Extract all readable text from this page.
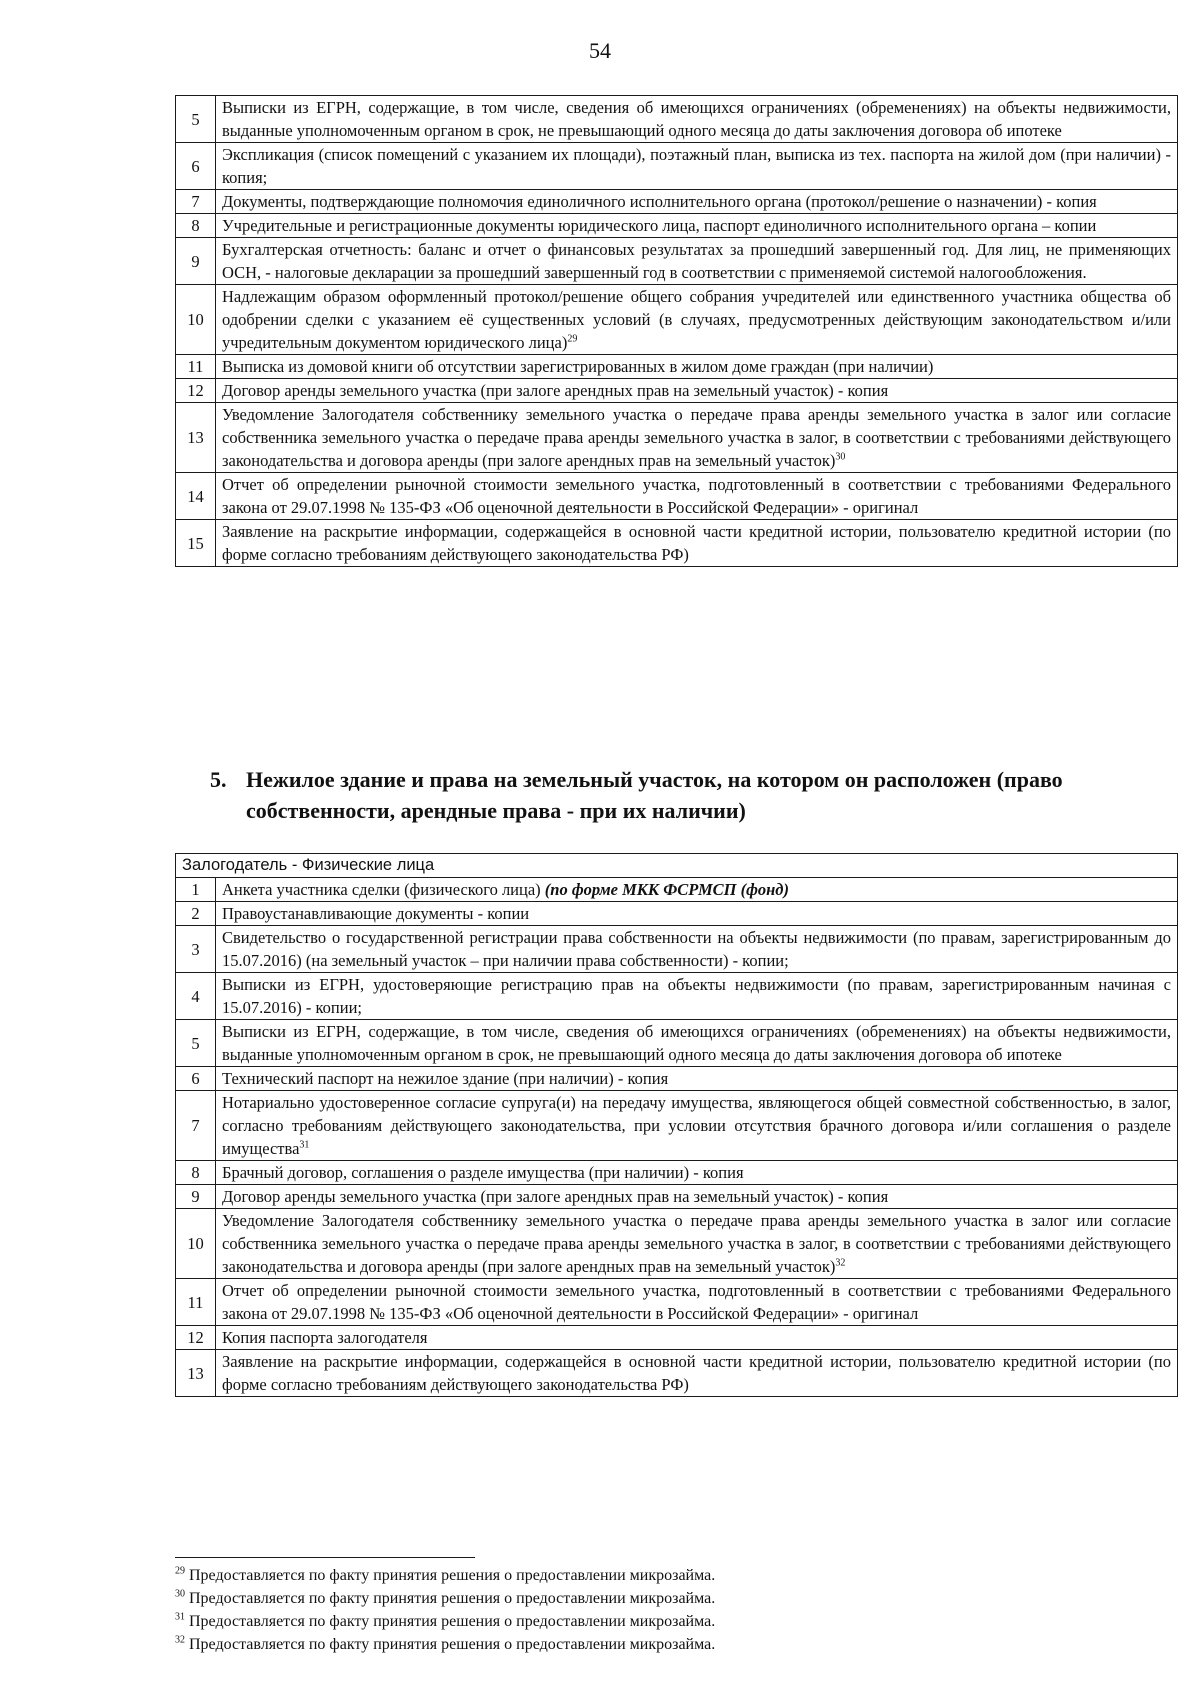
54
5	Выписки из ЕГРН, содержащие, в том числе, сведения об имеющихся ограничениях (обременениях) на объекты недвижимости, выданные уполномоченным органом в срок, не превышающий одного месяца до даты заключения договора об ипотеке
6	Экспликация (список помещений с указанием их площади), поэтажный план, выписка из тех. паспорта на жилой дом (при наличии) - копия;
7	Документы, подтверждающие полномочия единоличного исполнительного органа (протокол/решение о назначении) - копия
8	Учредительные и регистрационные документы юридического лица, паспорт единоличного исполнительного органа – копии
9	Бухгалтерская отчетность: баланс и отчет о финансовых результатах за прошедший завершенный год. Для лиц, не применяющих ОСН, - налоговые декларации за прошедший завершенный год в соответствии с применяемой системой налогообложения.
10	Надлежащим образом оформленный протокол/решение общего собрания учредителей или единственного участника общества об одобрении сделки с указанием её существенных условий (в случаях, предусмотренных действующим законодательством и/или учредительным документом юридического лица)$^{29}$
11	Выписка из домовой книги об отсутствии зарегистрированных в жилом доме граждан (при наличии)
12	Договор аренды земельного участка (при залоге арендных прав на земельный участок) - копия
13	Уведомление Залогодателя собственнику земельного участка о передаче права аренды земельного участка в залог или согласие собственника земельного участка о передаче права аренды земельного участка в залог, в соответствии с требованиями действующего законодательства и договора аренды (при залоге арендных прав на земельный участок)$^{30}$
14	Отчет об определении рыночной стоимости земельного участка, подготовленный в соответствии с требованиями Федерального закона от 29.07.1998 № 135-ФЗ «Об оценочной деятельности в Российской Федерации» - оригинал
15	Заявление на раскрытие информации, содержащейся в основной части кредитной истории, пользователю кредитной истории (по форме согласно требованиям действующего законодательства РФ)
5. Нежилое здание и права на земельный участок, на котором он расположен (право
собственности, арендные права - при их наличии)
Залогодатель - Физические лица	
1	Анкета участника сделки (физического лица) (по форме МКК ФСРМСП (фонд)
2	Правоустанавливающие документы - копии
3	Свидетельство о государственной регистрации права собственности на объекты недвижимости (по правам, зарегистрированным до 15.07.2016) (на земельный участок – при наличии права собственности) - копии;
4	Выписки из ЕГРН, удостоверяющие регистрацию прав на объекты недвижимости (по правам, зарегистрированным начиная с 15.07.2016) - копии;
5	Выписки из ЕГРН, содержащие, в том числе, сведения об имеющихся ограничениях (обременениях) на объекты недвижимости, выданные уполномоченным органом в срок, не превышающий одного месяца до даты заключения договора об ипотеке
6	Технический паспорт на нежилое здание (при наличии) - копия
7	Нотариально удостоверенное согласие супруга(и) на передачу имущества, являющегося общей совместной собственностью, в залог, согласно требованиям действующего законодательства, при условии отсутствия брачного договора и/или соглашения о разделе имущества$^{31}$
8	Брачный договор, соглашения о разделе имущества (при наличии) - копия
9	Договор аренды земельного участка (при залоге арендных прав на земельный участок) - копия
10	Уведомление Залогодателя собственнику земельного участка о передаче права аренды земельного участка в залог или согласие собственника земельного участка о передаче права аренды земельного участка в залог, в соответствии с требованиями действующего законодательства и договора аренды (при залоге арендных прав на земельный участок)$^{32}$
11	Отчет об определении рыночной стоимости земельного участка, подготовленный в соответствии с требованиями Федерального закона от 29.07.1998 № 135-ФЗ «Об оценочной деятельности в Российской Федерации» - оригинал
12	Копия паспорта залогодателя
13	Заявление на раскрытие информации, содержащейся в основной части кредитной истории, пользователю кредитной истории (по форме согласно требованиям действующего законодательства РФ)
$^{29}$ Предоставляется по факту принятия решения о предоставлении микрозайма.
$^{30}$ Предоставляется по факту принятия решения о предоставлении микрозайма.
$^{31}$ Предоставляется по факту принятия решения о предоставлении микрозайма.
$^{32}$ Предоставляется по факту принятия решения о предоставлении микрозайма.
